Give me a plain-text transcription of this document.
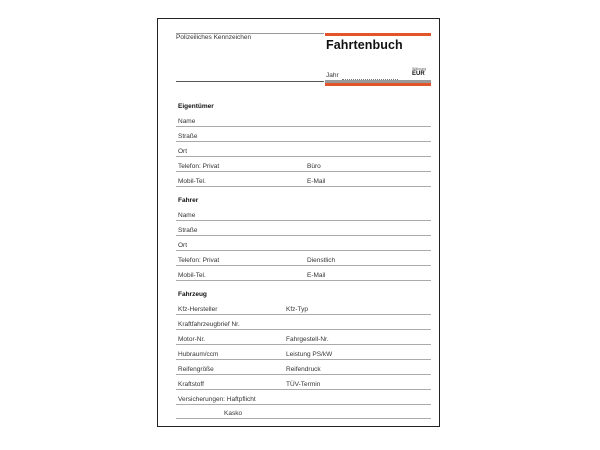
Polizeiliches Kennzeichen
Fahrtenbuch
Jahr
Währung
EUR
Eigentümer
Name
Straße
Ort
Telefon: Privat	Büro
Mobil-Tel.	E-Mail
Fahrer
Name
Straße
Ort
Telefon: Privat	Dienstlich
Mobil-Tel.	E-Mail
Fahrzeug
Kfz-Hersteller	Kfz-Typ
Kraftfahrzeugbrief Nr.
Motor-Nr.	Fahrgestell-Nr.
Hubraum/ccm	Leistung PS/kW
Reifengröße	Reifendruck
Kraftstoff	TÜV-Termin
Versicherungen: Haftpflicht
Kasko
